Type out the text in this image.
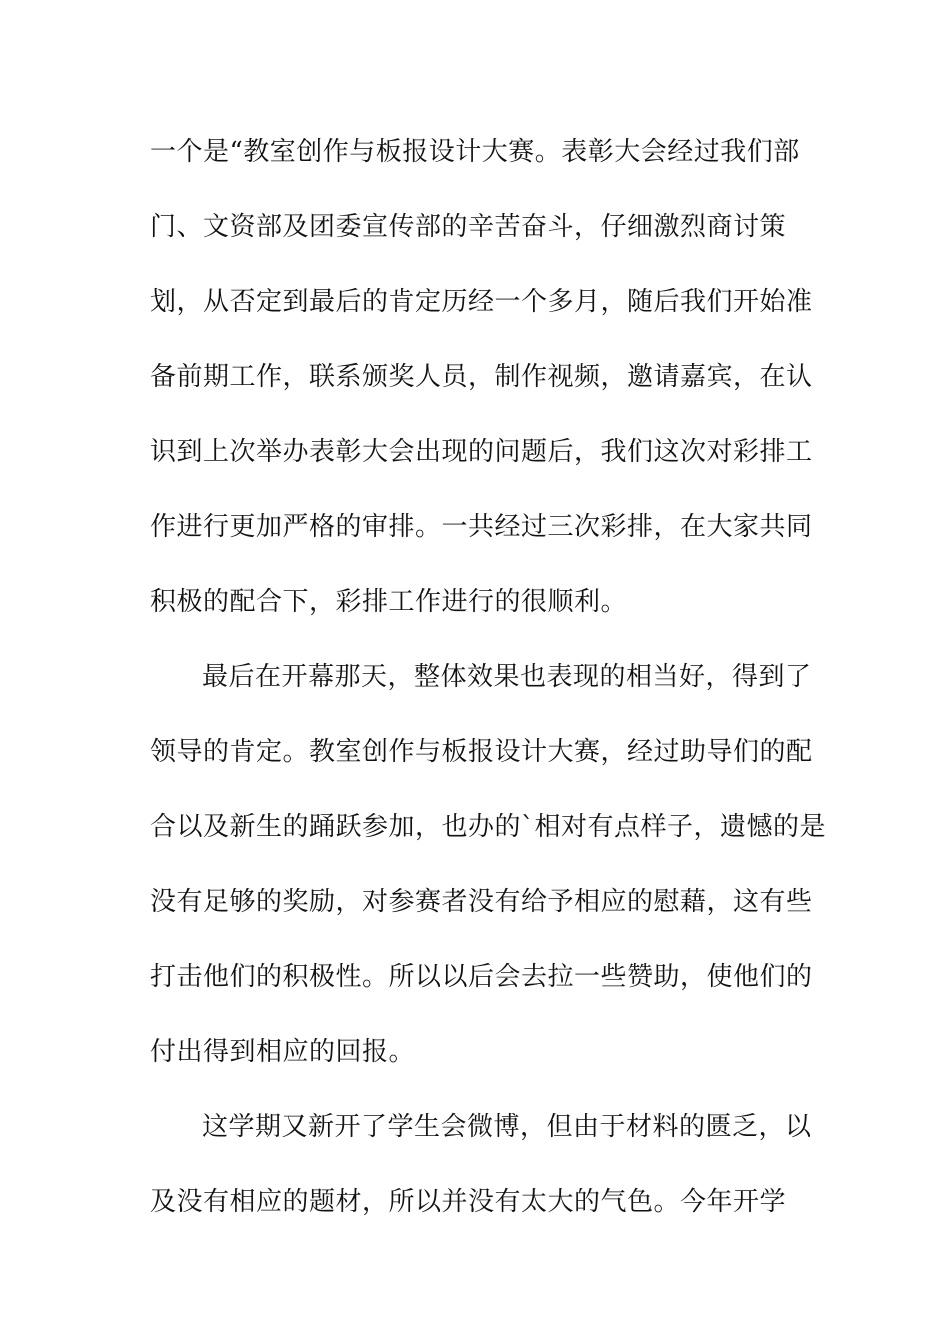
一个是“教室创作与板报设计大赛。表彰大会经过我们部
门、文资部及团委宣传部的辛苦奋斗，仔细激烈商讨策
划，从否定到最后的肯定历经一个多月，随后我们开始准
备前期工作，联系颁奖人员，制作视频，邀请嘉宾，在认
识到上次举办表彰大会出现的问题后，我们这次对彩排工
作进行更加严格的审排。一共经过三次彩排，在大家共同
积极的配合下，彩排工作进行的很顺利。
最后在开幕那天，整体效果也表现的相当好，得到了
领导的肯定。教室创作与板报设计大赛，经过助导们的配
合以及新生的踊跃参加，也办的`相对有点样子，遗憾的是
没有足够的奖励，对参赛者没有给予相应的慰藉，这有些
打击他们的积极性。所以以后会去拉一些赞助，使他们的
付出得到相应的回报。
这学期又新开了学生会微博，但由于材料的匮乏，以
及没有相应的题材，所以并没有太大的气色。今年开学
